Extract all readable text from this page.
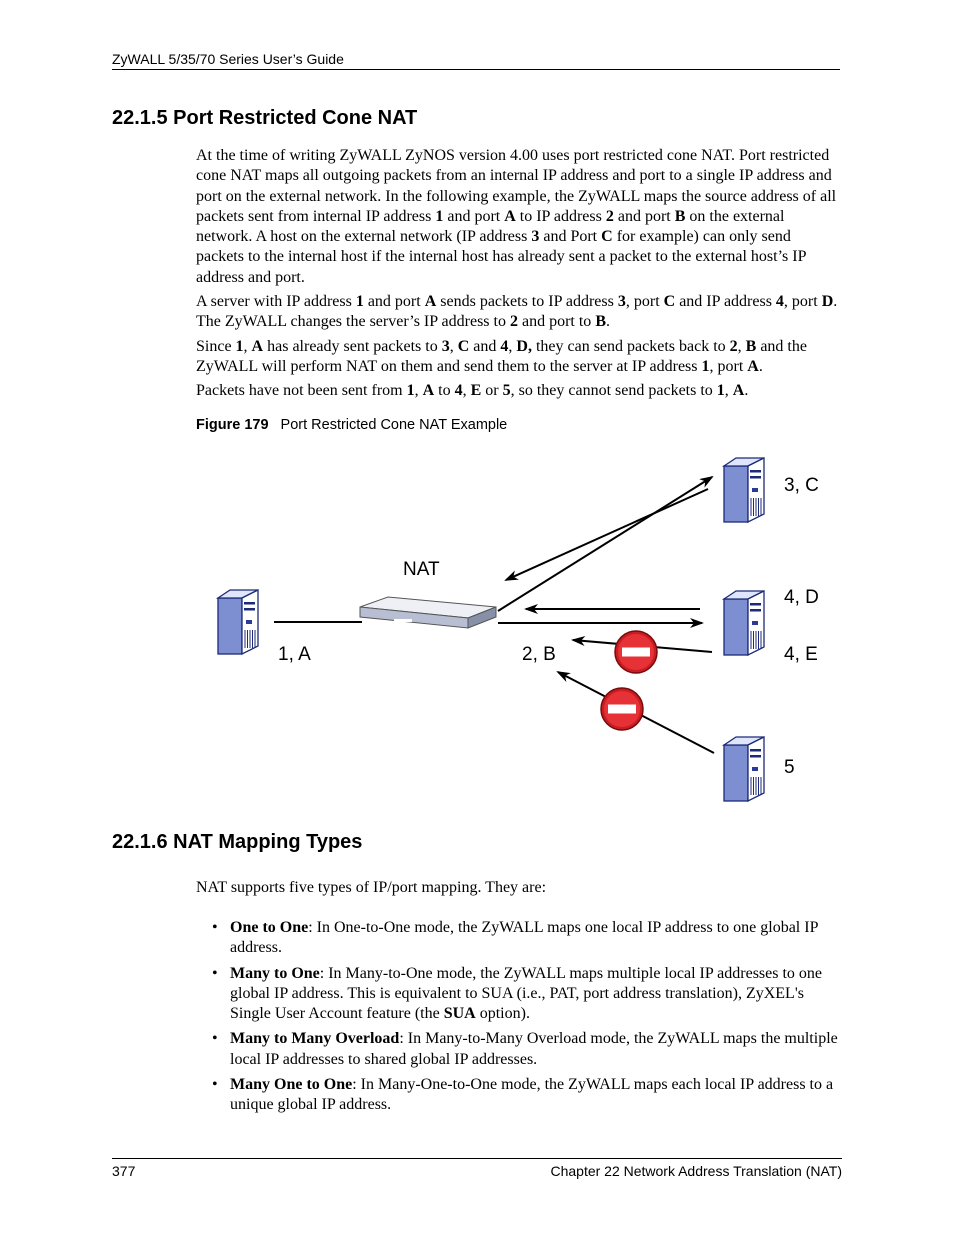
ZyWALL 5/35/70 Series User’s Guide
22.1.5 Port Restricted Cone NAT

At the time of writing ZyWALL ZyNOS version 4.00 uses port restricted cone NAT. Port restricted cone NAT maps all outgoing packets from an internal IP address and port to a single IP address and port on the external network. In the following example, the ZyWALL maps the source address of all packets sent from internal IP address 1 and port A to IP address 2 and port B on the external network. A host on the external network (IP address 3 and Port C for example) can only send packets to the internal host if the internal host has already sent a packet to the external host’s IP address and port.

A server with IP address 1 and port A sends packets to IP address 3, port C and IP address 4, port D. The ZyWALL changes the server’s IP address to 2 and port to B.

Since 1, A has already sent packets to 3, C and 4, D, they can send packets back to 2, B and the ZyWALL will perform NAT on them and send them to the server at IP address 1, port A.

Packets have not been sent from 1, A to 4, E or 5, so they cannot send packets to 1, A.

Figure 179 Port Restricted Cone NAT Example
NAT
1, A	2, B
3, C
4, D
4, E
5
22.1.6 NAT Mapping Types

NAT supports five types of IP/port mapping. They are:

• One to One: In One-to-One mode, the ZyWALL maps one local IP address to one global IP address.
• Many to One: In Many-to-One mode, the ZyWALL maps multiple local IP addresses to one global IP address. This is equivalent to SUA (i.e., PAT, port address translation), ZyXEL's Single User Account feature (the SUA option).
• Many to Many Overload: In Many-to-Many Overload mode, the ZyWALL maps the multiple local IP addresses to shared global IP addresses.
• Many One to One: In Many-One-to-One mode, the ZyWALL maps each local IP address to a unique global IP address.
377	Chapter 22 Network Address Translation (NAT)
